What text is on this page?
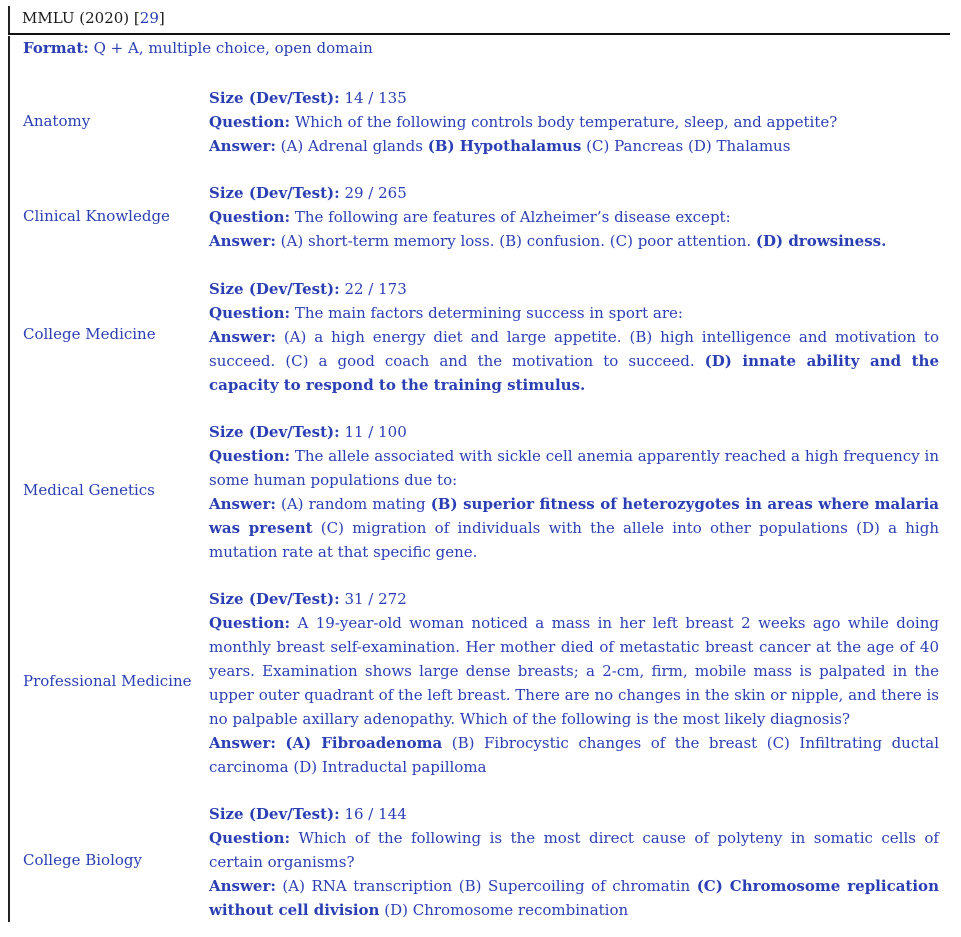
MMLU (2020) [29]
Format: Q + A, multiple choice, open domain
Anatomy
Size (Dev/Test): 14 / 135
Question: Which of the following controls body temperature, sleep, and appetite?
Answer: (A) Adrenal glands (B) Hypothalamus (C) Pancreas (D) Thalamus
Clinical Knowledge
Size (Dev/Test): 29 / 265
Question: The following are features of Alzheimer’s disease except:
Answer: (A) short-term memory loss. (B) confusion. (C) poor attention. (D) drowsiness.
College Medicine
Size (Dev/Test): 22 / 173
Question: The main factors determining success in sport are:
Answer: (A) a high energy diet and large appetite. (B) high intelligence and motivation to succeed. (C) a good coach and the motivation to succeed. (D) innate ability and the capacity to respond to the training stimulus.
Medical Genetics
Size (Dev/Test): 11 / 100
Question: The allele associated with sickle cell anemia apparently reached a high frequency in some human populations due to:
Answer: (A) random mating (B) superior fitness of heterozygotes in areas where malaria was present (C) migration of individuals with the allele into other populations (D) a high mutation rate at that specific gene.
Professional Medicine
Size (Dev/Test): 31 / 272
Question: A 19-year-old woman noticed a mass in her left breast 2 weeks ago while doing monthly breast self-examination. Her mother died of metastatic breast cancer at the age of 40 years. Examination shows large dense breasts; a 2-cm, firm, mobile mass is palpated in the upper outer quadrant of the left breast. There are no changes in the skin or nipple, and there is no palpable axillary adenopathy. Which of the following is the most likely diagnosis?
Answer: (A) Fibroadenoma (B) Fibrocystic changes of the breast (C) Infiltrating ductal carcinoma (D) Intraductal papilloma
College Biology
Size (Dev/Test): 16 / 144
Question: Which of the following is the most direct cause of polyteny in somatic cells of certain organisms?
Answer: (A) RNA transcription (B) Supercoiling of chromatin (C) Chromosome replication without cell division (D) Chromosome recombination
